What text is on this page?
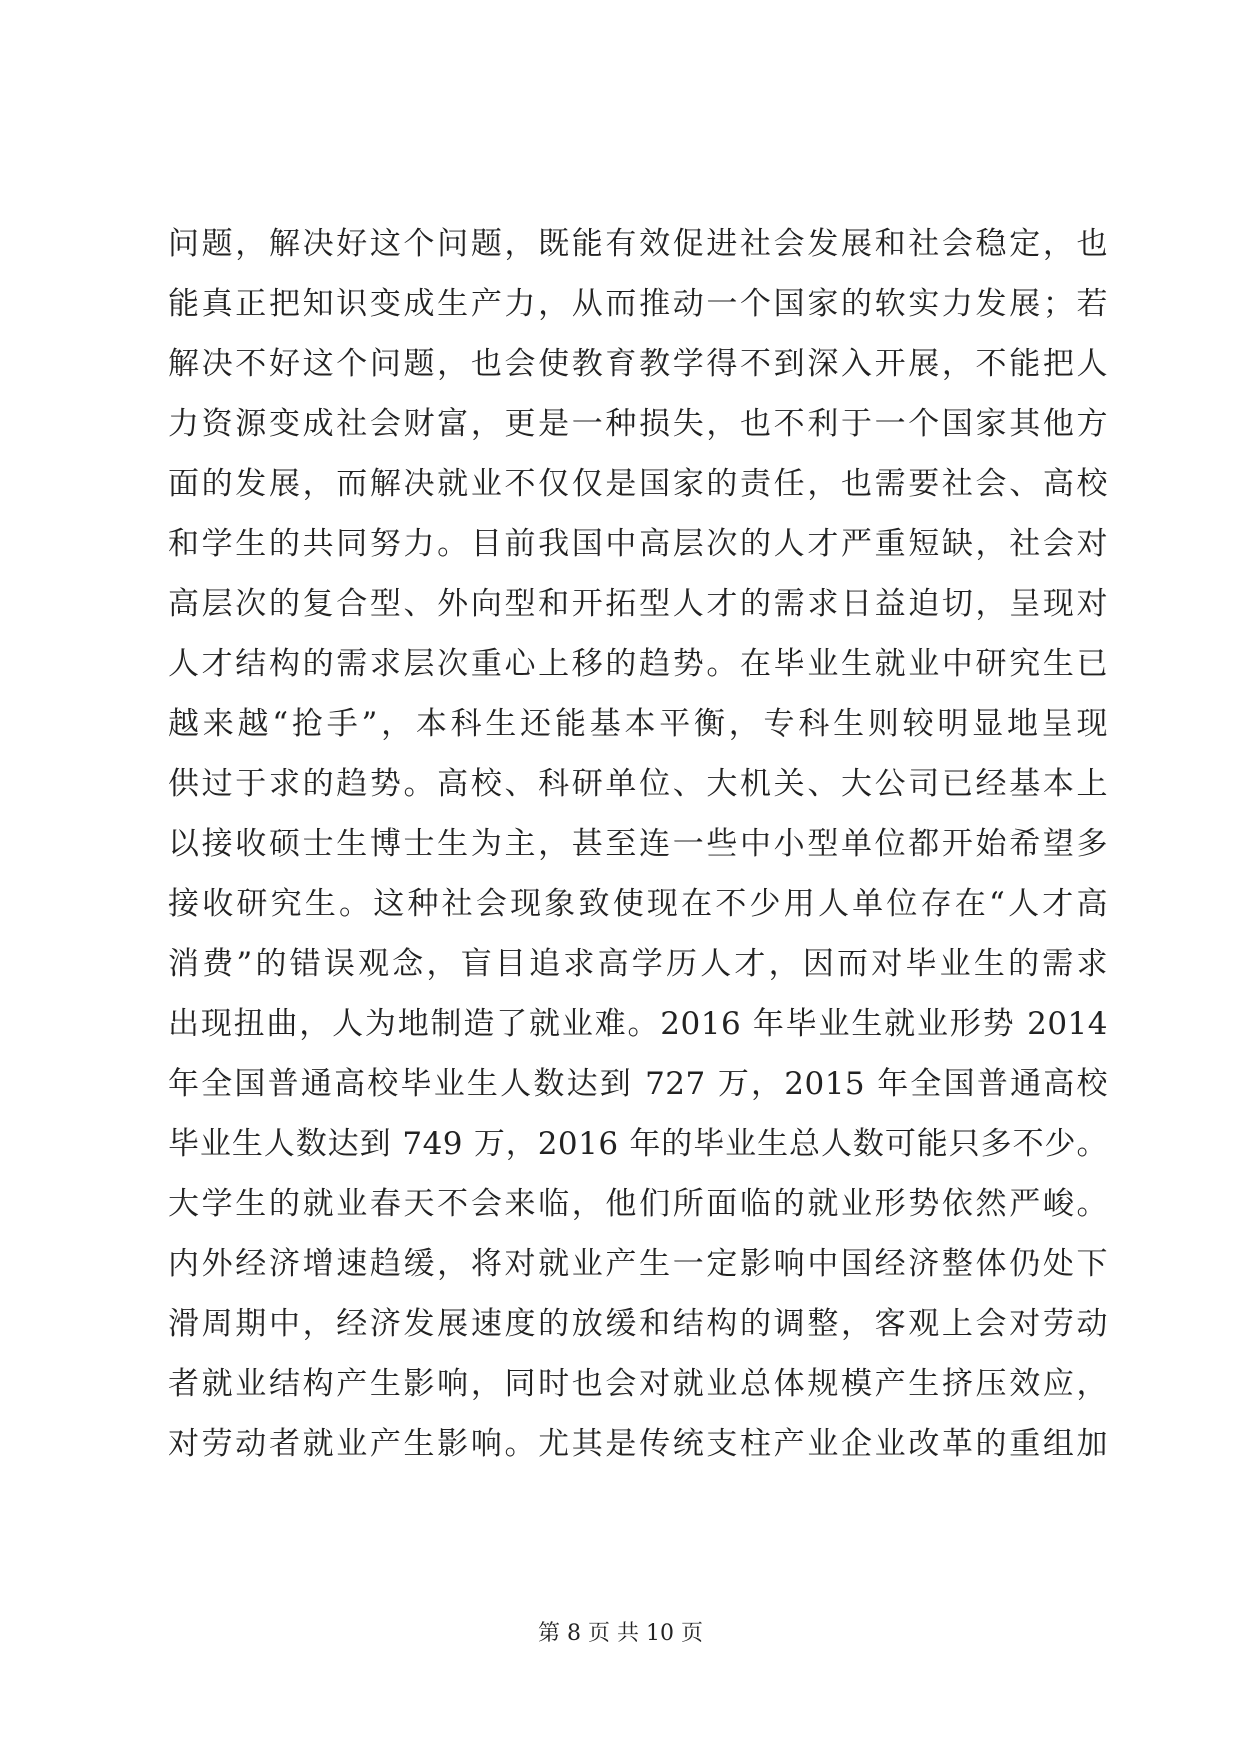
问题，解决好这个问题，既能有效促进社会发展和社会稳定，也
能真正把知识变成生产力，从而推动一个国家的软实力发展；若
解决不好这个问题，也会使教育教学得不到深入开展，不能把人
力资源变成社会财富，更是一种损失，也不利于一个国家其他方
面的发展，而解决就业不仅仅是国家的责任，也需要社会、高校
和学生的共同努力。目前我国中高层次的人才严重短缺，社会对
高层次的复合型、外向型和开拓型人才的需求日益迫切，呈现对
人才结构的需求层次重心上移的趋势。在毕业生就业中研究生已
越来越“抢手”，本科生还能基本平衡，专科生则较明显地呈现
供过于求的趋势。高校、科研单位、大机关、大公司已经基本上
以接收硕士生博士生为主，甚至连一些中小型单位都开始希望多
接收研究生。这种社会现象致使现在不少用人单位存在“人才高
消费”的错误观念，盲目追求高学历人才，因而对毕业生的需求
出现扭曲，人为地制造了就业难。2016 年毕业生就业形势 2014
年全国普通高校毕业生人数达到 727 万，2015 年全国普通高校
毕业生人数达到 749 万，2016 年的毕业生总人数可能只多不少。
大学生的就业春天不会来临，他们所面临的就业形势依然严峻。
内外经济增速趋缓，将对就业产生一定影响中国经济整体仍处下
滑周期中，经济发展速度的放缓和结构的调整，客观上会对劳动
者就业结构产生影响，同时也会对就业总体规模产生挤压效应，
对劳动者就业产生影响。尤其是传统支柱产业企业改革的重组加
第 8 页 共 10 页
